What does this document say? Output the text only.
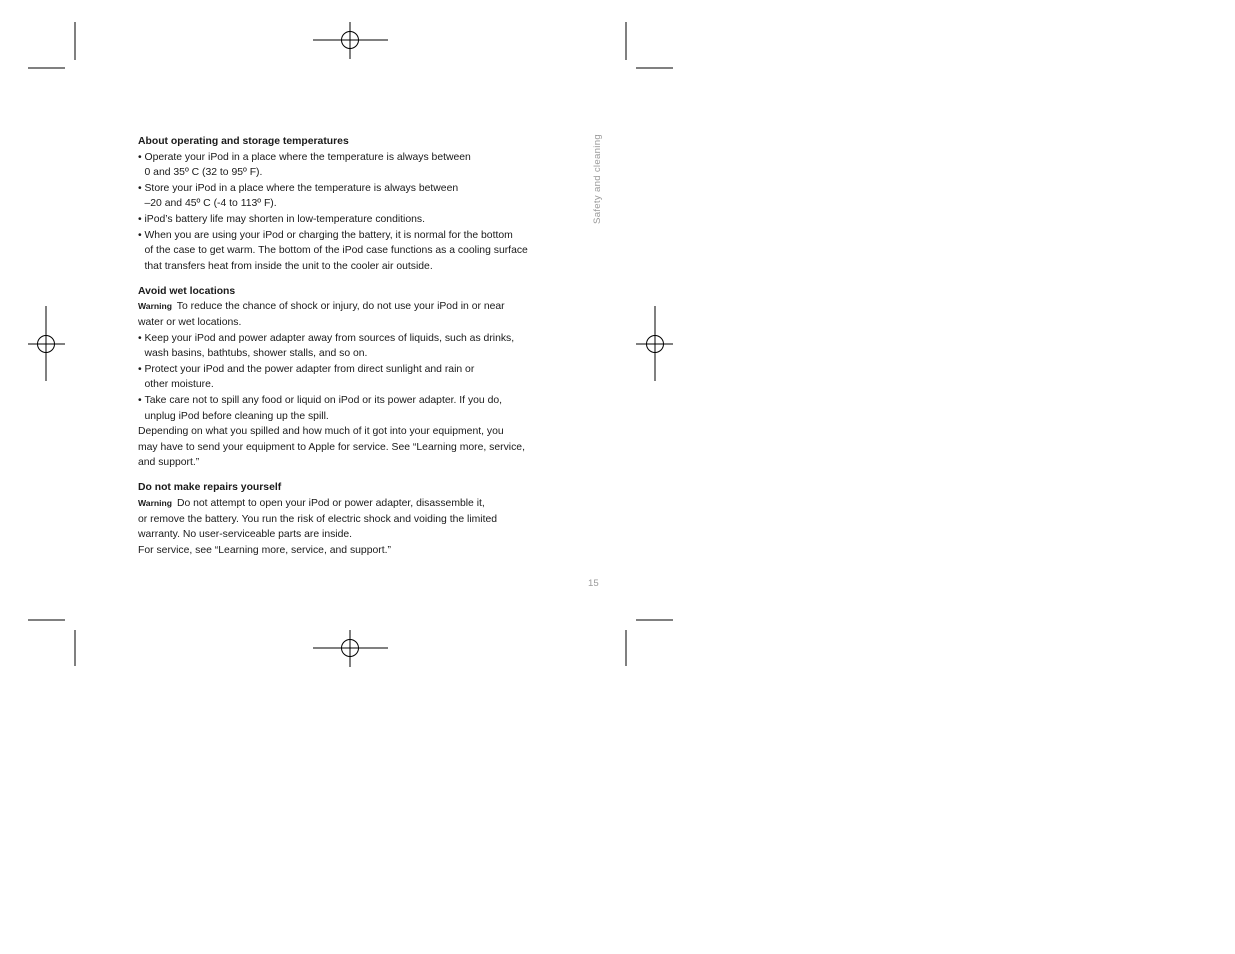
About operating and storage temperatures

• Operate your iPod in a place where the temperature is always between

0 and 35º C (32 to 95º F).

• Store your iPod in a place where the temperature is always between

–20 and 45º C (-4 to 113º F).

• iPod’s battery life may shorten in low-temperature conditions.
• When you are using your iPod or charging the battery, it is normal for the bottom

of the case to get warm. The bottom of the iPod case functions as a cooling surface

that transfers heat from inside the unit to the cooler air outside.

Avoid wet locations

Warning To reduce the chance of shock or injury, do not use your iPod in or near

water or wet locations.

• Keep your iPod and power adapter away from sources of liquids, such as drinks,

wash basins, bathtubs, shower stalls, and so on.

• Protect your iPod and the power adapter from direct sunlight and rain or

other moisture.

• Take care not to spill any food or liquid on iPod or its power adapter. If you do,

unplug iPod before cleaning up the spill.

Depending on what you spilled and how much of it got into your equipment, you

may have to send your equipment to Apple for service. See “Learning more, service,

and support.”

Do not make repairs yourself

Warning Do not attempt to open your iPod or power adapter, disassemble it,

or remove the battery. You run the risk of electric shock and voiding the limited

warranty. No user-serviceable parts are inside.

For service, see “Learning more, service, and support.”

Safety and cleaning
15
